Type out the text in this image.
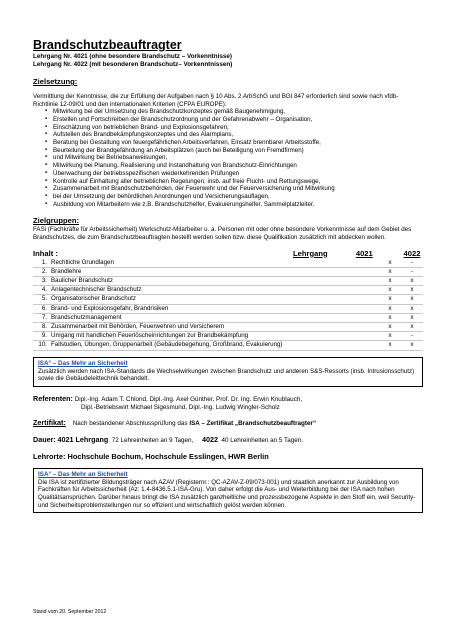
Brandschutzbeauftragter
Lehrgang Nr. 4021 (ohne besondere Brandschutz – Vorkenntnisse)
Lehrgang Nr. 4022 (mit besonderen Brandschutz– Vorkenntnissen)
Zielsetzung:
Vermittlung der Kenntnisse, die zur Erfüllung der Aufgaben nach § 10 Abs. 2 ArbSchG und BGI 847 erforderlich sind sowie nach vfdb-Richtlinie 12-09/01 und den internationalen Kriterien (CFPA EUROPE):
▪ Mitwirkung bei der Umsetzung des Brandschutzkonzeptes gemäß Baugenehmigung,
▪ Erstellen und Fortschreiben der Brandschutzordnung und der Gefahrenabwehr – Organisation,
▪ Einschätzung von betrieblichen Brand- und Explosionsgefahren,
▪ Aufstellen des Brandbekämpfungskonzeptes und des Alarmplans,
▪ Beratung bei Gestaltung von feuergefährlichen Arbeitsverfahren, Einsatz brennbarer Arbeitsstoffe,
▪ Beurteilung der Brandgefährdung an Arbeitsplätzen (auch bei Beteiligung von Fremdfirmen)
▪ und Mitwirkung bei Betriebsanweisungen,
▪ Mitwirkung bei Planung, Realisierung und Instandhaltung von Brandschutz-Einrichtungen
▪ Überwachung der betriebsspezifischen wiederkehrenden Prüfungen
▪ Kontrolle auf Einhaltung aller betrieblichen Regelungen, insb. auf freie Flucht- und Rettungswege,
▪ Zusammenarbeit mit Brandschutzbehörden, der Feuerwehr und der Feuerversicherung und Mitwirkung
▪ bei der Umsetzung der behördlichen Anordnungen und Versicherungsauflagen,
▪ Ausbildung von Mitarbeitern wie z.B. Brandschutzhelfer, Evakuierungshelfer, Sammelplatzleiter.
Zielgruppen:
FASi (Fachkräfte für Arbeitssicherheit) Werkschutz-Mitarbeiter u. a. Personen mit oder ohne besondere Vorkenntnisse auf dem Gebiet des Brandschutzes, die zum Brandschutzbeauftragten bestellt werden sollen bzw. diese Qualifikation zusätzlich mit abdecken wollen.
Inhalt :	Lehrgang	4021	4022
1.	Rechtliche Grundlagen	x	-
2.	Brandlehre	x	-
3.	Baulicher Brandschutz	x	x
4.	Anlagentechnischer Brandschutz	x	x
5.	Organisatorischer Brandschutz	x	x
6.	Brand- und Explosionsgefahr, Brandrisiken	x	x
7.	Brandschutzmanagement	x	x
8.	Zusammenarbeit mit Behörden, Feuerwehren und Versicherern	x	x
9.	Umgang mit handlichen Feuerlöscheinrichtungen zur Brandbekämpfung	x	-
10.	Fallstudien, Übungen, Gruppenarbeit (Gebäudebegehung, Großbrand, Evakuierung)	x	x
ISA° – Das Mehr an Sicherheit
Zusätzlich werden nach ISA-Standards die Wechselwirkungen zwischen Brandschutz und anderen S&S-Ressorts (insb. Intrusionsschutz) sowie die Gebäudeleittechnik behandelt.
Referenten: Dipl.-Ing. Adam T. Chlond, Dipl.-Ing. Axel Günther, Prof. Dr. Ing. Erwin Knublauch,
Dipl.-Betriebswirt Michael Sigesmund, Dipl.-Ing. Ludwig Wingler-Scholz
Zertifikat: Nach bestandener Abschlussprüfung das ISA – Zertifikat „Brandschutzbeauftragter“
Dauer: 4021 Lehrgang 72 Lehreinheiten an 9 Tagen, 4022 40 Lehreinheiten an 5 Tagen.
Lehrorte: Hochschule Bochum, Hochschule Esslingen, HWR Berlin
ISA° – Das Mehr an Sicherheit
Die ISA ist zertifizierter Bildungsträger nach AZAV (Registernr.: QC-AZAV-Z-09/073-001) und staatlich anerkannt zur Ausbildung von Fachkräften für Arbeitssicherheit (Az: 1.4-8436.5.1-ISA-Gru). Von daher erfolgt die Aus- und Weiterbildung bei der ISA nach hohen Qualitätsansprüchen. Darüber hinaus bringt die ISA zusätzlich ganzheitliche und prozessbezogene Aspekte in den Stoff ein, weil Security- und Sicherheitsproblemstellungen nur so effizient und wirtschaftlich gelöst werden können.
Stand vom 20. September 2012
